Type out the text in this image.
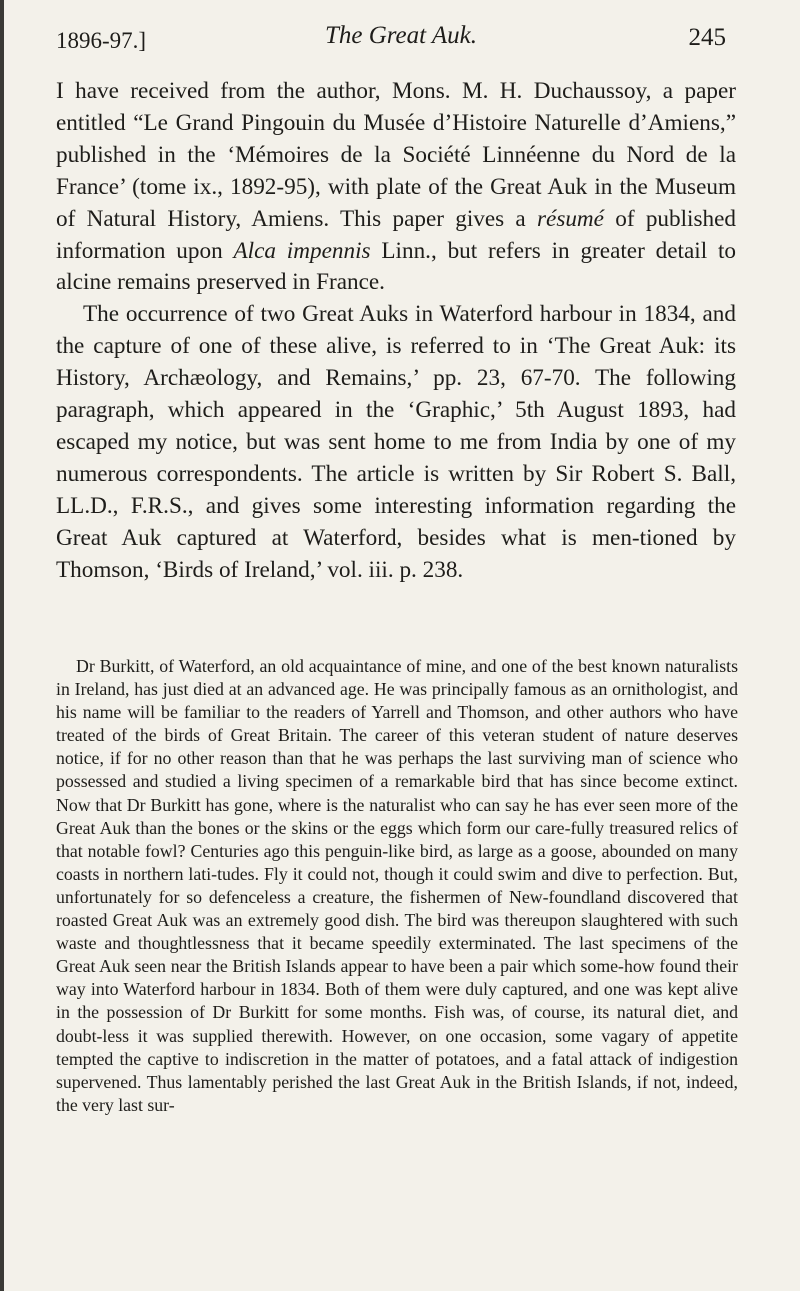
1896-97.]	The Great Auk.	245

I have received from the author, Mons. M. H. Duchaussoy, a paper entitled “Le Grand Pingouin du Musée d’Histoire Naturelle d’Amiens,” published in the ‘Mémoires de la Société Linnéenne du Nord de la France’ (tome ix., 1892-95), with plate of the Great Auk in the Museum of Natural History, Amiens. This paper gives a résumé of published information upon Alca impennis Linn., but refers in greater detail to alcine remains preserved in France.

The occurrence of two Great Auks in Waterford harbour in 1834, and the capture of one of these alive, is referred to in ‘The Great Auk: its History, Archæology, and Remains,’ pp. 23, 67-70. The following paragraph, which appeared in the ‘Graphic,’ 5th August 1893, had escaped my notice, but was sent home to me from India by one of my numerous correspondents. The article is written by Sir Robert S. Ball, LL.D., F.R.S., and gives some interesting information regarding the Great Auk captured at Waterford, besides what is men-tioned by Thomson, ‘Birds of Ireland,’ vol. iii. p. 238.

Dr Burkitt, of Waterford, an old acquaintance of mine, and one of the best known naturalists in Ireland, has just died at an advanced age. He was principally famous as an ornithologist, and his name will be familiar to the readers of Yarrell and Thomson, and other authors who have treated of the birds of Great Britain. The career of this veteran student of nature deserves notice, if for no other reason than that he was perhaps the last surviving man of science who possessed and studied a living specimen of a remarkable bird that has since become extinct. Now that Dr Burkitt has gone, where is the naturalist who can say he has ever seen more of the Great Auk than the bones or the skins or the eggs which form our care-fully treasured relics of that notable fowl? Centuries ago this penguin-like bird, as large as a goose, abounded on many coasts in northern lati-tudes. Fly it could not, though it could swim and dive to perfection. But, unfortunately for so defenceless a creature, the fishermen of New-foundland discovered that roasted Great Auk was an extremely good dish. The bird was thereupon slaughtered with such waste and thoughtlessness that it became speedily exterminated. The last specimens of the Great Auk seen near the British Islands appear to have been a pair which some-how found their way into Waterford harbour in 1834. Both of them were duly captured, and one was kept alive in the possession of Dr Burkitt for some months. Fish was, of course, its natural diet, and doubt-less it was supplied therewith. However, on one occasion, some vagary of appetite tempted the captive to indiscretion in the matter of potatoes, and a fatal attack of indigestion supervened. Thus lamentably perished the last Great Auk in the British Islands, if not, indeed, the very last sur-
